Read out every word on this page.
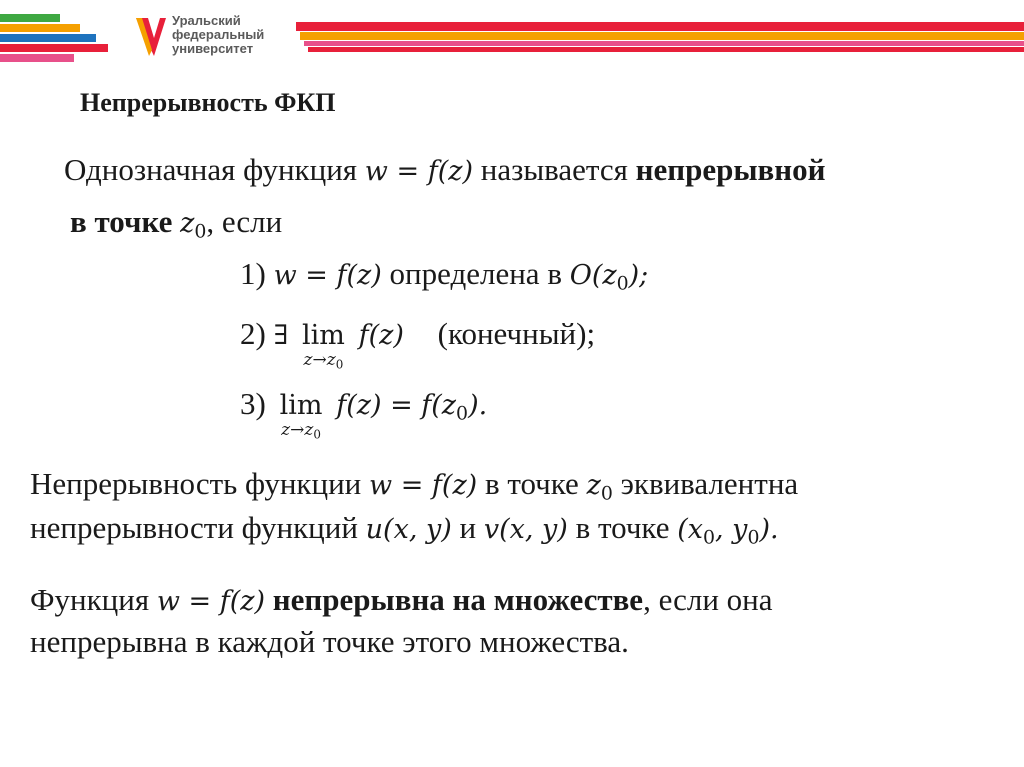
Уральский
федеральный
университет
Непрерывность ФКП
Однозначная функция w = f(z) называется непрерывной
в точке $z_0$, если
1) w = f(z) определена в $O(z_0)$;
2) ∃ lim
$z\to z_0$
f(z) (конечный);
3) lim
$z\to z_0$
$f(z) = f(z_0)$.
Непрерывность функции w = f(z) в точке $z_0$ эквивалентна
непрерывности функций u(x, y) и v(x, y) в точке ($x_0$, $y_0$).
Функция w = f(z) непрерывна на множестве, если она
непрерывна в каждой точке этого множества.
